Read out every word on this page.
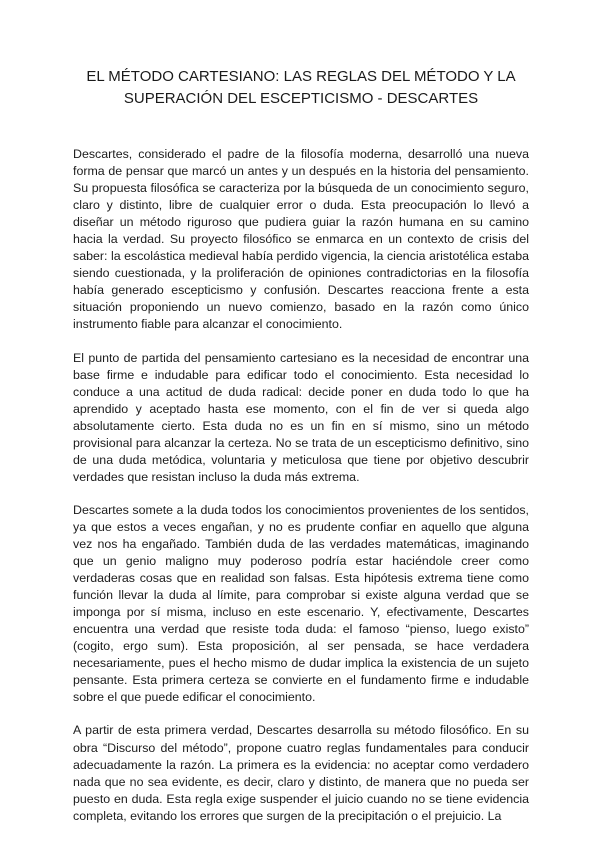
EL MÉTODO CARTESIANO: LAS REGLAS DEL MÉTODO Y LA
SUPERACIÓN DEL ESCEPTICISMO - DESCARTES

Descartes, considerado el padre de la filosofía moderna, desarrolló una nueva forma de pensar que marcó un antes y un después en la historia del pensamiento. Su propuesta filosófica se caracteriza por la búsqueda de un conocimiento seguro, claro y distinto, libre de cualquier error o duda. Esta preocupación lo llevó a diseñar un método riguroso que pudiera guiar la razón humana en su camino hacia la verdad. Su proyecto filosófico se enmarca en un contexto de crisis del saber: la escolástica medieval había perdido vigencia, la ciencia aristotélica estaba siendo cuestionada, y la proliferación de opiniones contradictorias en la filosofía había generado escepticismo y confusión. Descartes reacciona frente a esta situación proponiendo un nuevo comienzo, basado en la razón como único instrumento fiable para alcanzar el conocimiento.

El punto de partida del pensamiento cartesiano es la necesidad de encontrar una base firme e indudable para edificar todo el conocimiento. Esta necesidad lo conduce a una actitud de duda radical: decide poner en duda todo lo que ha aprendido y aceptado hasta ese momento, con el fin de ver si queda algo absolutamente cierto. Esta duda no es un fin en sí mismo, sino un método provisional para alcanzar la certeza. No se trata de un escepticismo definitivo, sino de una duda metódica, voluntaria y meticulosa que tiene por objetivo descubrir verdades que resistan incluso la duda más extrema.

Descartes somete a la duda todos los conocimientos provenientes de los sentidos, ya que estos a veces engañan, y no es prudente confiar en aquello que alguna vez nos ha engañado. También duda de las verdades matemáticas, imaginando que un genio maligno muy poderoso podría estar haciéndole creer como verdaderas cosas que en realidad son falsas. Esta hipótesis extrema tiene como función llevar la duda al límite, para comprobar si existe alguna verdad que se imponga por sí misma, incluso en este escenario. Y, efectivamente, Descartes encuentra una verdad que resiste toda duda: el famoso “pienso, luego existo” (cogito, ergo sum). Esta proposición, al ser pensada, se hace verdadera necesariamente, pues el hecho mismo de dudar implica la existencia de un sujeto pensante. Esta primera certeza se convierte en el fundamento firme e indudable sobre el que puede edificar el conocimiento.

A partir de esta primera verdad, Descartes desarrolla su método filosófico. En su obra “Discurso del método”, propone cuatro reglas fundamentales para conducir adecuadamente la razón. La primera es la evidencia: no aceptar como verdadero nada que no sea evidente, es decir, claro y distinto, de manera que no pueda ser puesto en duda. Esta regla exige suspender el juicio cuando no se tiene evidencia completa, evitando los errores que surgen de la precipitación o el prejuicio. La
